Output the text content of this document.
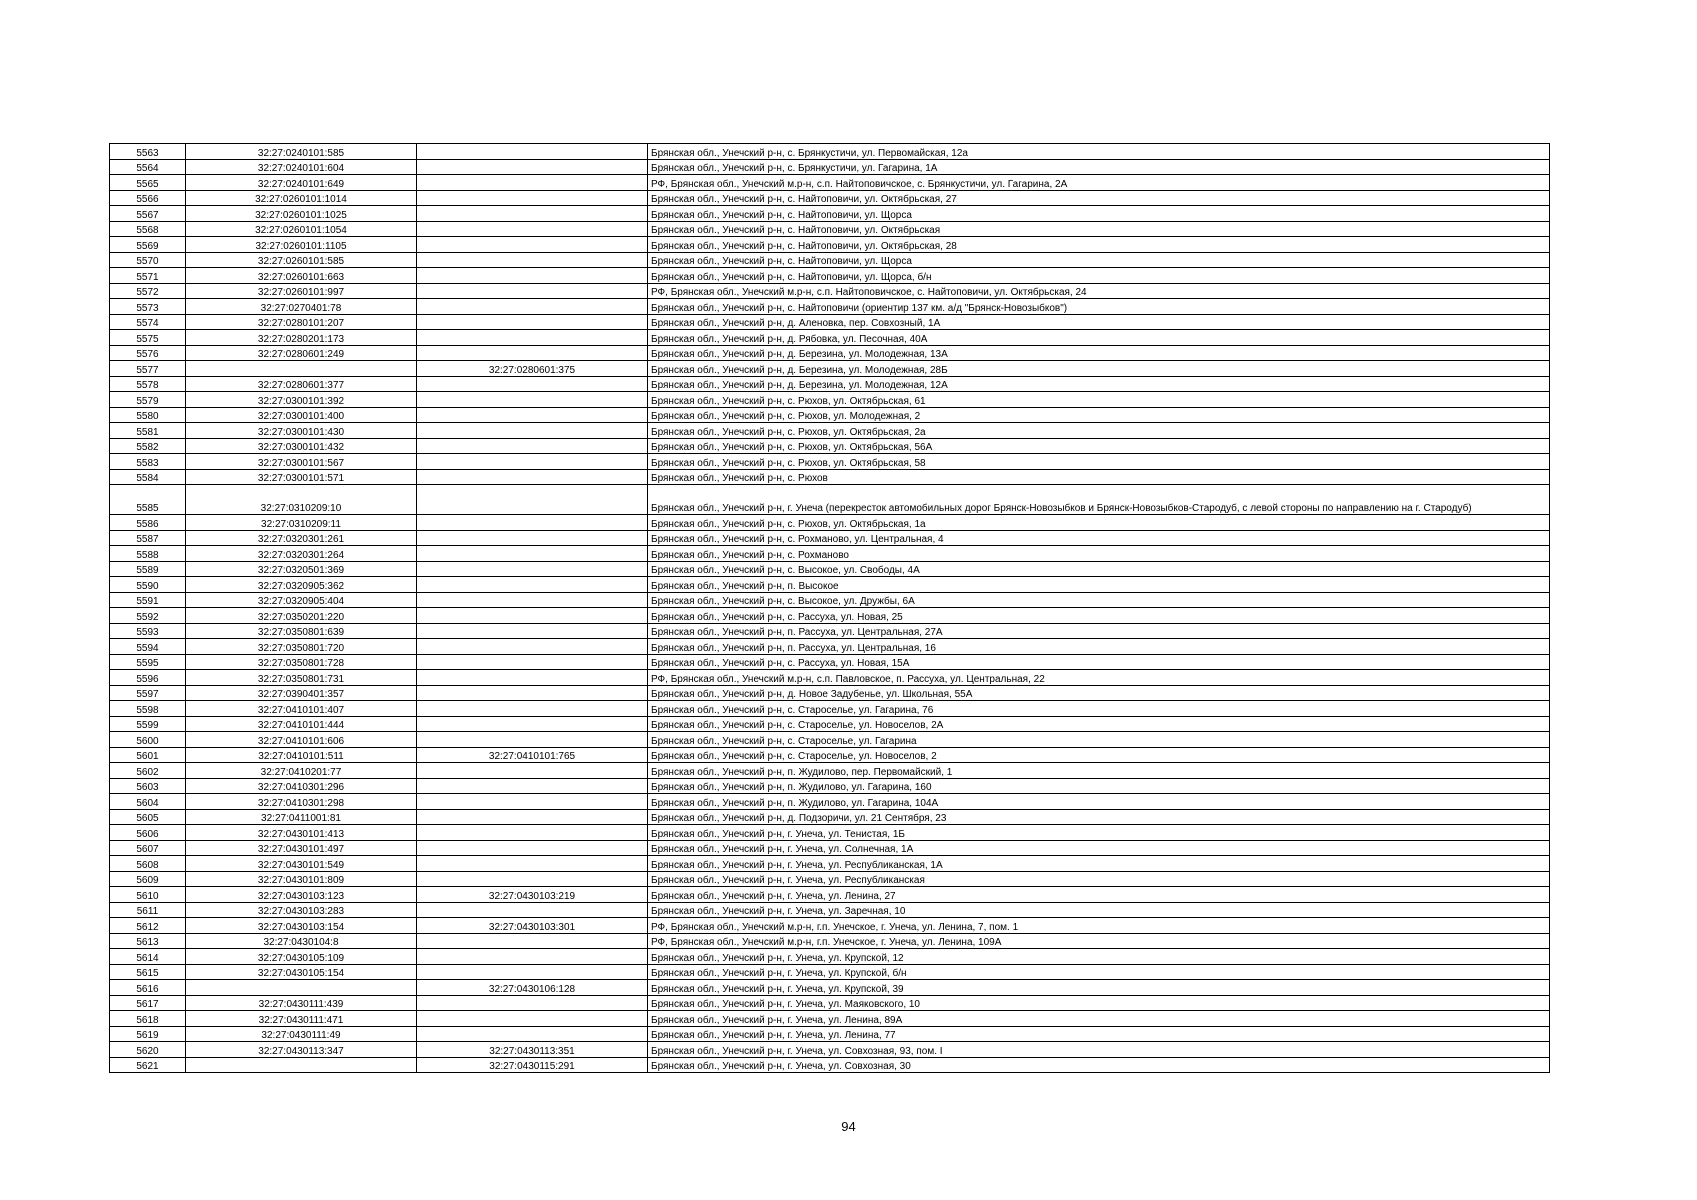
5563	32:27:0240101:585		Брянская обл., Унечский р-н, с. Брянкустичи, ул. Первомайская, 12а
5564	32:27:0240101:604		Брянская обл., Унечский р-н, с. Брянкустичи, ул. Гагарина, 1А
5565	32:27:0240101:649		РФ, Брянская обл., Унечский м.р-н, с.п. Найтоповичское, с. Брянкустичи, ул. Гагарина, 2А
5566	32:27:0260101:1014		Брянская обл., Унечский р-н, с. Найтоповичи, ул. Октябрьская, 27
5567	32:27:0260101:1025		Брянская обл., Унечский р-н, с. Найтоповичи, ул. Щорса
5568	32:27:0260101:1054		Брянская обл., Унечский р-н, с. Найтоповичи, ул. Октябрьская
5569	32:27:0260101:1105		Брянская обл., Унечский р-н, с. Найтоповичи, ул. Октябрьская, 28
5570	32:27:0260101:585		Брянская обл., Унечский р-н, с. Найтоповичи, ул. Щорса
5571	32:27:0260101:663		Брянская обл., Унечский р-н, с. Найтоповичи, ул. Щорса, б/н
5572	32:27:0260101:997		РФ, Брянская обл., Унечский м.р-н, с.п. Найтоповичское, с. Найтоповичи, ул. Октябрьская, 24
5573	32:27:0270401:78		Брянская обл., Унечский р-н, с. Найтоповичи (ориентир 137 км. а/д "Брянск-Новозыбков")
5574	32:27:0280101:207		Брянская обл., Унечский р-н, д. Аленовка, пер. Совхозный, 1А
5575	32:27:0280201:173		Брянская обл., Унечский р-н, д. Рябовка, ул. Песочная, 40А
5576	32:27:0280601:249		Брянская обл., Унечский р-н, д. Березина, ул. Молодежная, 13А
5577		32:27:0280601:375	Брянская обл., Унечский р-н, д. Березина, ул. Молодежная, 28Б
5578	32:27:0280601:377		Брянская обл., Унечский р-н, д. Березина, ул. Молодежная, 12А
5579	32:27:0300101:392		Брянская обл., Унечский р-н, с. Рюхов, ул. Октябрьская, 61
5580	32:27:0300101:400		Брянская обл., Унечский р-н, с. Рюхов, ул. Молодежная, 2
5581	32:27:0300101:430		Брянская обл., Унечский р-н, с. Рюхов, ул. Октябрьская, 2а
5582	32:27:0300101:432		Брянская обл., Унечский р-н, с. Рюхов, ул. Октябрьская, 56А
5583	32:27:0300101:567		Брянская обл., Унечский р-н, с. Рюхов, ул. Октябрьская, 58
5584	32:27:0300101:571		Брянская обл., Унечский р-н, с. Рюхов
5585	32:27:0310209:10		Брянская обл., Унечский р-н, г. Унеча (перекресток автомобильных дорог Брянск-Новозыбков и Брянск-Новозыбков-Стародуб, с левой стороны по направлению на г. Стародуб)
5586	32:27:0310209:11		Брянская обл., Унечский р-н, с. Рюхов, ул. Октябрьская, 1а
5587	32:27:0320301:261		Брянская обл., Унечский р-н, с. Рохманово, ул. Центральная, 4
5588	32:27:0320301:264		Брянская обл., Унечский р-н, с. Рохманово
5589	32:27:0320501:369		Брянская обл., Унечский р-н, с. Высокое, ул. Свободы, 4А
5590	32:27:0320905:362		Брянская обл., Унечский р-н, п. Высокое
5591	32:27:0320905:404		Брянская обл., Унечский р-н, с. Высокое, ул. Дружбы, 6А
5592	32:27:0350201:220		Брянская обл., Унечский р-н, с. Рассуха, ул. Новая, 25
5593	32:27:0350801:639		Брянская обл., Унечский р-н, п. Рассуха, ул. Центральная, 27А
5594	32:27:0350801:720		Брянская обл., Унечский р-н, п. Рассуха, ул. Центральная, 16
5595	32:27:0350801:728		Брянская обл., Унечский р-н, с. Рассуха, ул. Новая, 15А
5596	32:27:0350801:731		РФ, Брянская обл., Унечский м.р-н, с.п. Павловское, п. Рассуха, ул. Центральная, 22
5597	32:27:0390401:357		Брянская обл., Унечский р-н, д. Новое Задубенье, ул. Школьная, 55А
5598	32:27:0410101:407		Брянская обл., Унечский р-н, с. Староселье, ул. Гагарина, 76
5599	32:27:0410101:444		Брянская обл., Унечский р-н, с. Староселье, ул. Новоселов, 2А
5600	32:27:0410101:606		Брянская обл., Унечский р-н, с. Староселье, ул. Гагарина
5601	32:27:0410101:511	32:27:0410101:765	Брянская обл., Унечский р-н, с. Староселье, ул. Новоселов, 2
5602	32:27:0410201:77		Брянская обл., Унечский р-н, п. Жудилово, пер. Первомайский, 1
5603	32:27:0410301:296		Брянская обл., Унечский р-н, п. Жудилово, ул. Гагарина, 160
5604	32:27:0410301:298		Брянская обл., Унечский р-н, п. Жудилово, ул. Гагарина, 104А
5605	32:27:0411001:81		Брянская обл., Унечский р-н, д. Подзоричи, ул. 21 Сентября, 23
5606	32:27:0430101:413		Брянская обл., Унечский р-н, г. Унеча, ул. Тенистая, 1Б
5607	32:27:0430101:497		Брянская обл., Унечский р-н, г. Унеча, ул. Солнечная, 1А
5608	32:27:0430101:549		Брянская обл., Унечский р-н, г. Унеча, ул. Республиканская, 1А
5609	32:27:0430101:809		Брянская обл., Унечский р-н, г. Унеча, ул. Республиканская
5610	32:27:0430103:123	32:27:0430103:219	Брянская обл., Унечский р-н, г. Унеча, ул. Ленина, 27
5611	32:27:0430103:283		Брянская обл., Унечский р-н, г. Унеча, ул. Заречная, 10
5612	32:27:0430103:154	32:27:0430103:301	РФ, Брянская обл., Унечский м.р-н, г.п. Унечское, г. Унеча, ул. Ленина, 7, пом. 1
5613	32:27:0430104:8		РФ, Брянская обл., Унечский м.р-н, г.п. Унечское, г. Унеча, ул. Ленина, 109А
5614	32:27:0430105:109		Брянская обл., Унечский р-н, г. Унеча, ул. Крупской, 12
5615	32:27:0430105:154		Брянская обл., Унечский р-н, г. Унеча, ул. Крупской, б/н
5616		32:27:0430106:128	Брянская обл., Унечский р-н, г. Унеча, ул. Крупской, 39
5617	32:27:0430111:439		Брянская обл., Унечский р-н, г. Унеча, ул. Маяковского, 10
5618	32:27:0430111:471		Брянская обл., Унечский р-н, г. Унеча, ул. Ленина, 89А
5619	32:27:0430111:49		Брянская обл., Унечский р-н, г. Унеча, ул. Ленина, 77
5620	32:27:0430113:347	32:27:0430113:351	Брянская обл., Унечский р-н, г. Унеча, ул. Совхозная, 93, пом. I
5621		32:27:0430115:291	Брянская обл., Унечский р-н, г. Унеча, ул. Совхозная, 30
94
